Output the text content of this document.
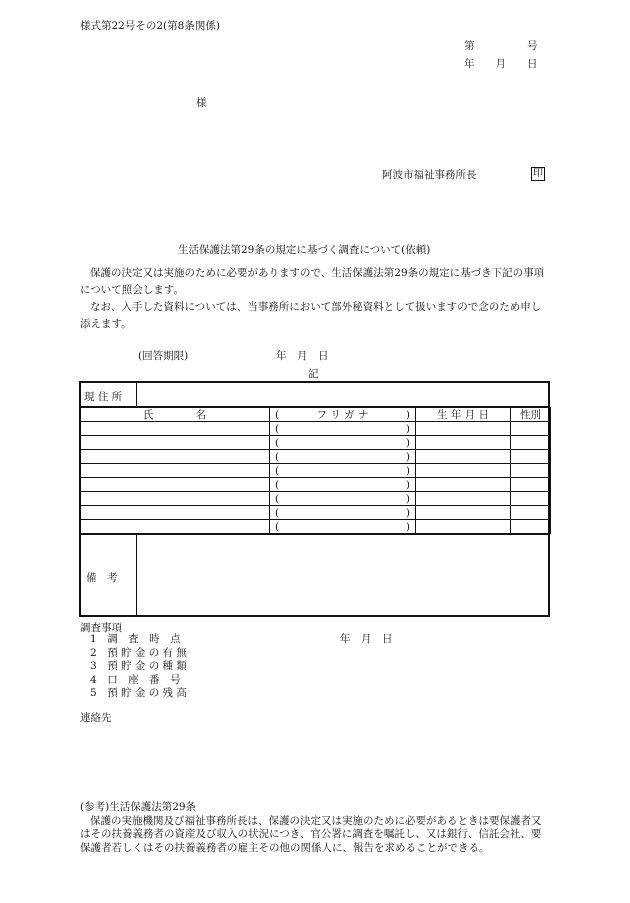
様式第22号その2(第8条関係)
第　　　　　号
年　　月　　日
様
阿波市福祉事務所長	印
生活保護法第29条の規定に基づく調査について(依頼)

保護の決定又は実施のために必要がありますので、生活保護法第29条の規定に基づき下記の事項について照会します。

なお、入手した資料については、当事務所において部外秘資料として扱いますので念のため申し添えます。

(回答期限)	年　月　日
記
現 住 所
氏　　　　名	( フ リ ガ ナ )	生 年 月 日	性別

	( )		

	( )		

	( )		

	( )		

	( )		

	( )		

	( )		

	( )		

備　考
調査事項
1　 調　査　時　点
2　 預 貯 金 の 有 無
3　 預 貯 金 の 種 類
4　 口　座　番　号
5　 預 貯 金 の 残 高
年　月　日
連絡先

(参考)生活保護法第29条

保護の実施機関及び福祉事務所長は、保護の決定又は実施のために必要があるときは要保護者又はその扶養義務者の資産及び収入の状況につき、官公署に調査を嘱託し、又は銀行、信託会社、要保護者若しくはその扶養義務者の雇主その他の関係人に、報告を求めることができる。
